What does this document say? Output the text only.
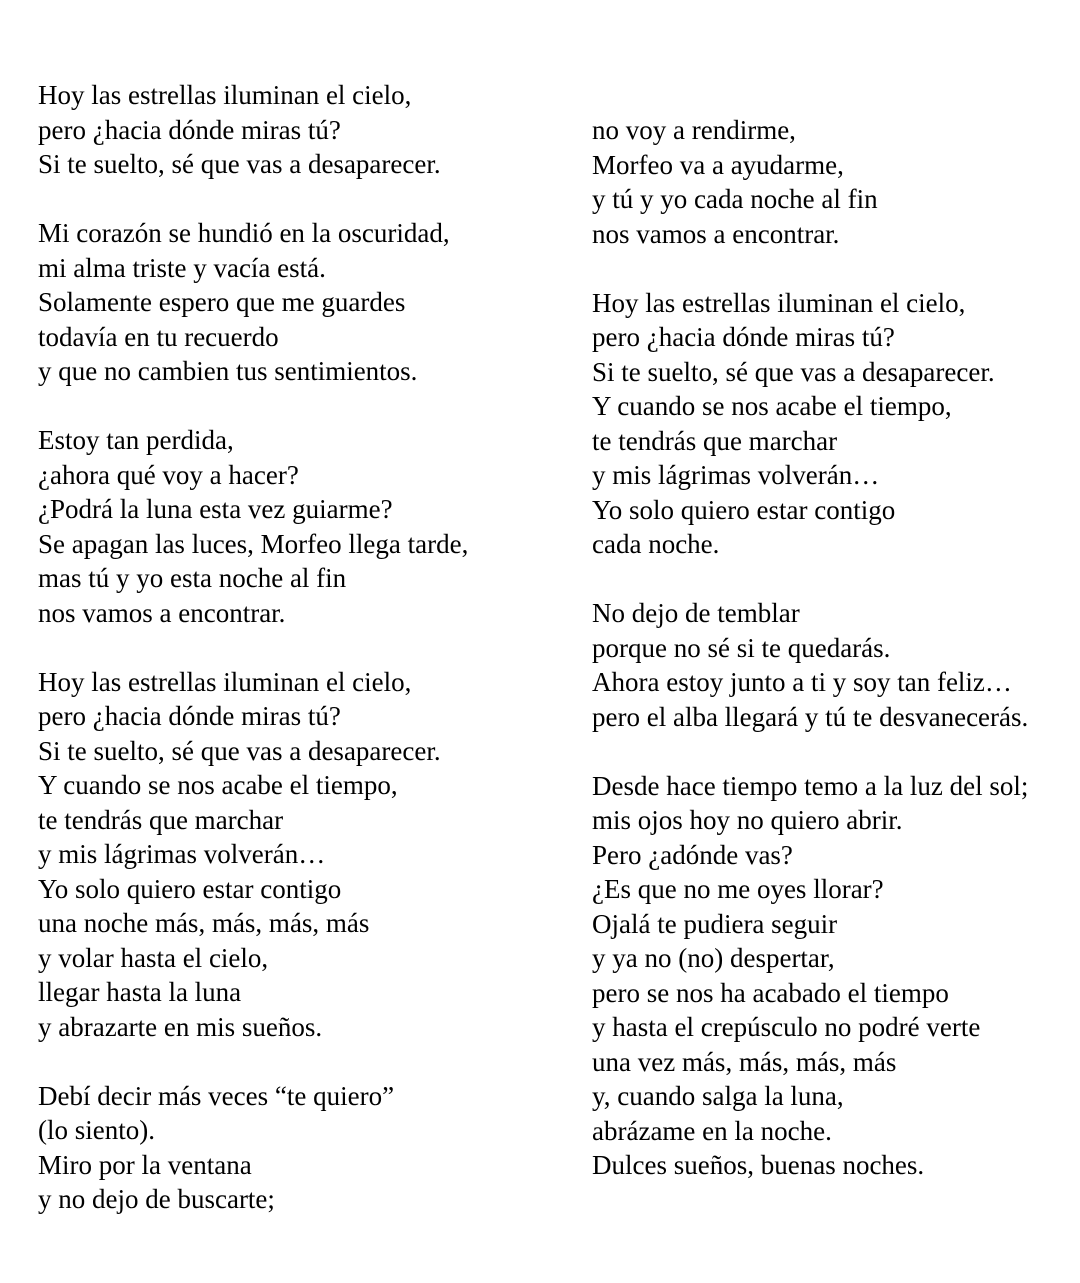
Hoy las estrellas iluminan el cielo,
pero ¿hacia dónde miras tú?
Si te suelto, sé que vas a desaparecer.
Mi corazón se hundió en la oscuridad,
mi alma triste y vacía está.
Solamente espero que me guardes
todavía en tu recuerdo
y que no cambien tus sentimientos.
Estoy tan perdida,
¿ahora qué voy a hacer?
¿Podrá la luna esta vez guiarme?
Se apagan las luces, Morfeo llega tarde,
mas tú y yo esta noche al fin
nos vamos a encontrar.
Hoy las estrellas iluminan el cielo,
pero ¿hacia dónde miras tú?
Si te suelto, sé que vas a desaparecer.
Y cuando se nos acabe el tiempo,
te tendrás que marchar
y mis lágrimas volverán…
Yo solo quiero estar contigo
una noche más, más, más, más
y volar hasta el cielo,
llegar hasta la luna
y abrazarte en mis sueños.
Debí decir más veces “te quiero”
(lo siento).
Miro por la ventana
y no dejo de buscarte;
no voy a rendirme,
Morfeo va a ayudarme,
y tú y yo cada noche al fin
nos vamos a encontrar.
Hoy las estrellas iluminan el cielo,
pero ¿hacia dónde miras tú?
Si te suelto, sé que vas a desaparecer.
Y cuando se nos acabe el tiempo,
te tendrás que marchar
y mis lágrimas volverán…
Yo solo quiero estar contigo
cada noche.
No dejo de temblar
porque no sé si te quedarás.
Ahora estoy junto a ti y soy tan feliz…
pero el alba llegará y tú te desvanecerás.
Desde hace tiempo temo a la luz del sol;
mis ojos hoy no quiero abrir.
Pero ¿adónde vas?
¿Es que no me oyes llorar?
Ojalá te pudiera seguir
y ya no (no) despertar,
pero se nos ha acabado el tiempo
y hasta el crepúsculo no podré verte
una vez más, más, más, más
y, cuando salga la luna,
abrázame en la noche.
Dulces sueños, buenas noches.
